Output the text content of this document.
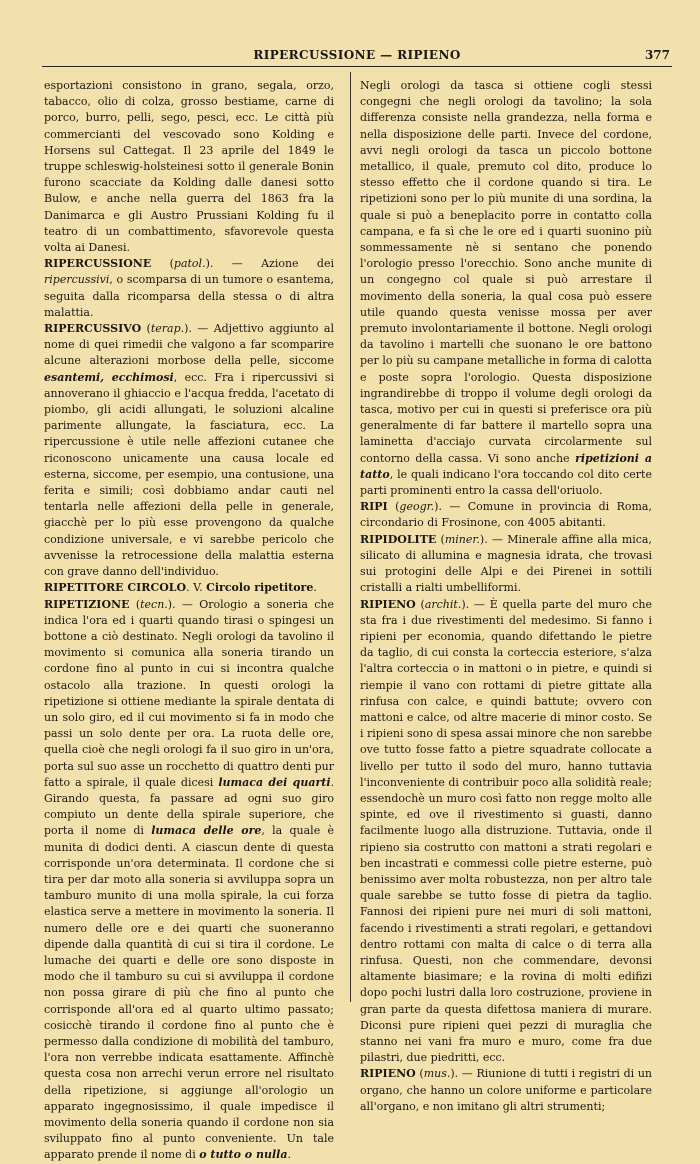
RIPERCUSSIONE — RIPIENO	377

esportazioni consistono in grano, segala, orzo, tabacco, olio di colza, grosso bestiame, carne di porco, burro, pelli, sego, pesci, ecc. Le città più commercianti del vescovado sono Kolding e Horsens sul Cattegat. Il 23 aprile del 1849 le truppe schleswig-holsteinesi sotto il generale Bonin furono scacciate da Kolding dalle danesi sotto Bulow, e anche nella guerra del 1863 fra la Danimarca e gli Austro Prussiani Kolding fu il teatro di un combattimento, sfavorevole questa volta ai Danesi.

RIPERCUSSIONE (patol.). — Azione dei ripercussivi, o scomparsa di un tumore o esantema, seguita dalla ricomparsa della stessa o di altra malattia.

RIPERCUSSIVO (terap.). — Adjettivo aggiunto al nome di quei rimedii che valgono a far scomparire alcune alterazioni morbose della pelle, siccome esantemi, ecchimosi, ecc. Fra i ripercussivi si annoverano il ghiaccio e l'acqua fredda, l'acetato di piombo, gli acidi allungati, le soluzioni alcaline parimente allungate, la fasciatura, ecc. La ripercussione è utile nelle affezioni cutanee che riconoscono unicamente una causa locale ed esterna, siccome, per esempio, una contusione, una ferita e simili; così dobbiamo andar cauti nel tentarla nelle affezioni della pelle in generale, giacchè per lo più esse provengono da qualche condizione universale, e vi sarebbe pericolo che avvenisse la retrocessione della malattia esterna con grave danno dell'individuo.

RIPETITORE CIRCOLO. V. Circolo ripetitore.

RIPETIZIONE (tecn.). — Orologio a soneria che indica l'ora ed i quarti quando tirasi o spingesi un bottone a ciò destinato. Negli orologi da tavolino il movimento si comunica alla soneria tirando un cordone fino al punto in cui si incontra qualche ostacolo alla trazione. In questi orologi la ripetizione si ottiene mediante la spirale dentata di un solo giro, ed il cui movimento si fa in modo che passi un solo dente per ora. La ruota delle ore, quella cioè che negli orologi fa il suo giro in un'ora, porta sul suo asse un rocchetto di quattro denti pur fatto a spirale, il quale dicesi lumaca dei quarti. Girando questa, fa passare ad ogni suo giro compiuto un dente della spirale superiore, che porta il nome di lumaca delle ore, la quale è munita di dodici denti. A ciascun dente di questa corrisponde un'ora determinata. Il cordone che si tira per dar moto alla soneria si avviluppa sopra un tamburo munito di una molla spirale, la cui forza elastica serve a mettere in movimento la soneria. Il numero delle ore e dei quarti che suoneranno dipende dalla quantità di cui si tira il cordone. Le lumache dei quarti e delle ore sono disposte in modo che il tamburo su cui si avviluppa il cordone non possa girare di più che fino al punto che corrisponde all'ora ed al quarto ultimo passato; cosicchè tirando il cordone fino al punto che è permesso dalla condizione di mobilità del tamburo, l'ora non verrebbe indicata esattamente. Affinchè questa cosa non arrechi verun errore nel risultato della ripetizione, si aggiunge all'orologio un apparato ingegnosissimo, il quale impedisce il movimento della soneria quando il cordone non sia sviluppato fino al punto conveniente. Un tale apparato prende il nome di o tutto o nulla.

Negli orologi da tasca si ottiene cogli stessi congegni che negli orologi da tavolino; la sola differenza consiste nella grandezza, nella forma e nella disposizione delle parti. Invece del cordone, avvi negli orologi da tasca un piccolo bottone metallico, il quale, premuto col dito, produce lo stesso effetto che il cordone quando si tira. Le ripetizioni sono per lo più munite di una sordina, la quale si può a beneplacito porre in contatto colla campana, e fa sì che le ore ed i quarti suonino più sommessamente nè si sentano che ponendo l'orologio presso l'orecchio. Sono anche munite di un congegno col quale si può arrestare il movimento della soneria, la qual cosa può essere utile quando questa venisse mossa per aver premuto involontariamente il bottone. Negli orologi da tavolino i martelli che suonano le ore battono per lo più su campane metalliche in forma di calotta e poste sopra l'orologio. Questa disposizione ingrandirebbe di troppo il volume degli orologi da tasca, motivo per cui in questi si preferisce ora più generalmente di far battere il martello sopra una laminetta d'acciajo curvata circolarmente sul contorno della cassa. Vi sono anche ripetizioni a tatto, le quali indicano l'ora toccando col dito certe parti prominenti entro la cassa dell'oriuolo.

RIPI (geogr.). — Comune in provincia di Roma, circondario di Frosinone, con 4005 abitanti.

RIPIDOLITE (miner.). — Minerale affine alla mica, silicato di allumina e magnesia idrata, che trovasi sui protogini delle Alpi e dei Pirenei in sottili cristalli a rialti umbelliformi.

RIPIENO (archit.). — È quella parte del muro che sta fra i due rivestimenti del medesimo. Si fanno i ripieni per economia, quando difettando le pietre da taglio, di cui consta la corteccia esteriore, s'alza l'altra corteccia o in mattoni o in pietre, e quindi si riempie il vano con rottami di pietre gittate alla rinfusa con calce, e quindi battute; ovvero con mattoni e calce, od altre macerie di minor costo. Se i ripieni sono di spesa assai minore che non sarebbe ove tutto fosse fatto a pietre squadrate collocate a livello per tutto il sodo del muro, hanno tuttavia l'inconveniente di contribuir poco alla solidità reale; essendochè un muro così fatto non regge molto alle spinte, ed ove il rivestimento si guasti, danno facilmente luogo alla distruzione. Tuttavia, onde il ripieno sia costrutto con mattoni a strati regolari e ben incastrati e commessi colle pietre esterne, può benissimo aver molta robustezza, non per altro tale quale sarebbe se tutto fosse di pietra da taglio. Fannosi dei ripieni pure nei muri di soli mattoni, facendo i rivestimenti a strati regolari, e gettandovi dentro rottami con malta di calce o di terra alla rinfusa. Questi, non che commendare, devonsi altamente biasimare; e la rovina di molti edifizi dopo pochi lustri dalla loro costruzione, proviene in gran parte da questa difettosa maniera di murare. Diconsi pure ripieni quei pezzi di muraglia che stanno nei vani fra muro e muro, come fra due pilastri, due piedritti, ecc.

RIPIENO (mus.). — Riunione di tutti i registri di un organo, che hanno un colore uniforme e particolare all'organo, e non imitano gli altri strumenti;
